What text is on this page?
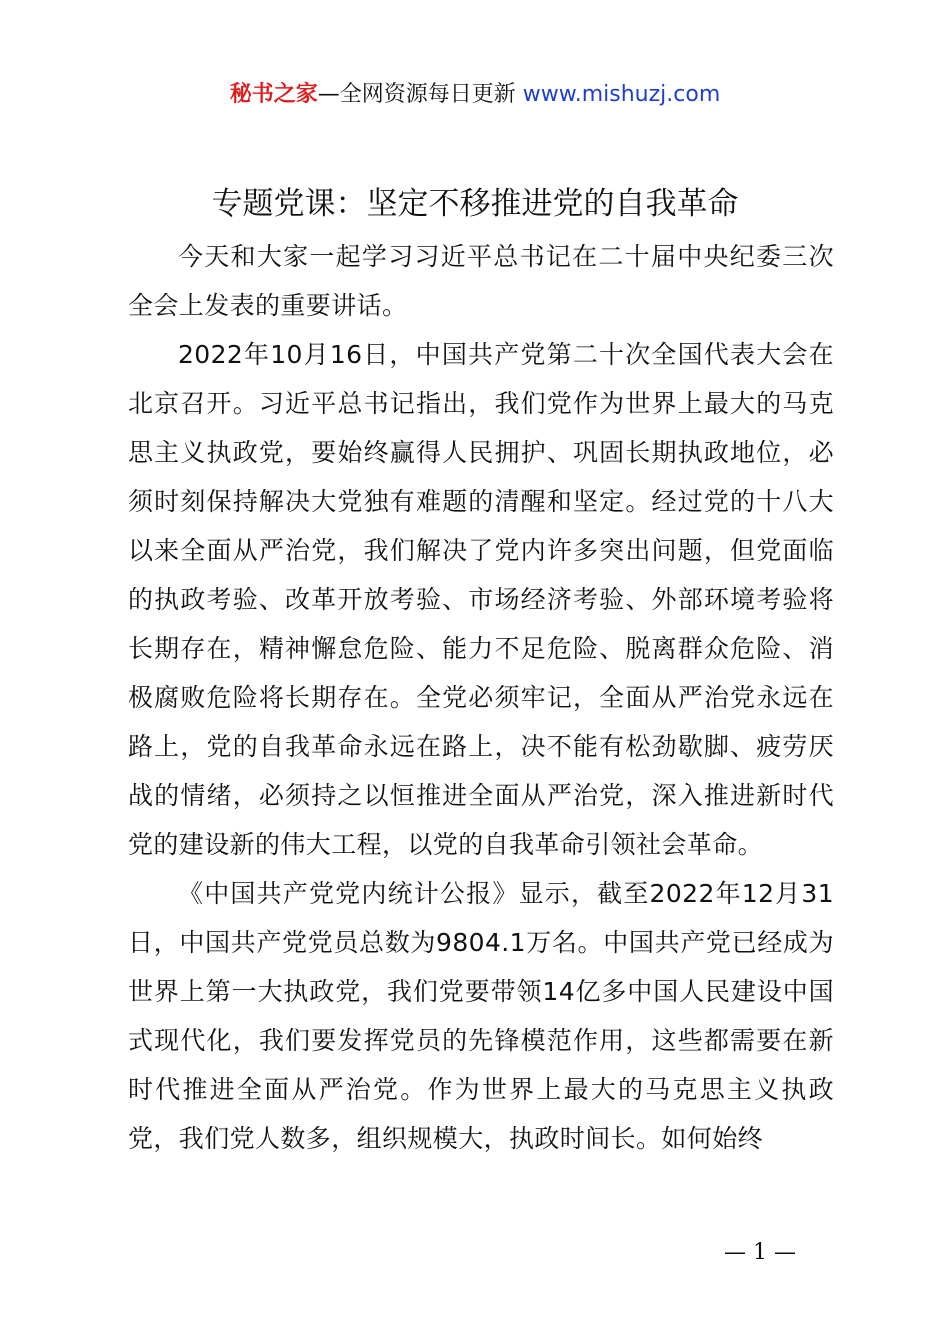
秘书之家—全网资源每日更新 www.mishuzj.com
专题党课：坚定不移推进党的自我革命

今天和大家一起学习习近平总书记在二十届中央纪委三次全会上发表的重要讲话。

2022年10月16日，中国共产党第二十次全国代表大会在北京召开。习近平总书记指出，我们党作为世界上最大的马克思主义执政党，要始终赢得人民拥护、巩固长期执政地位，必须时刻保持解决大党独有难题的清醒和坚定。经过党的十八大以来全面从严治党，我们解决了党内许多突出问题，但党面临的执政考验、改革开放考验、市场经济考验、外部环境考验将长期存在，精神懈怠危险、能力不足危险、脱离群众危险、消极腐败危险将长期存在。全党必须牢记，全面从严治党永远在路上，党的自我革命永远在路上，决不能有松劲歇脚、疲劳厌战的情绪，必须持之以恒推进全面从严治党，深入推进新时代党的建设新的伟大工程，以党的自我革命引领社会革命。

《中国共产党党内统计公报》显示，截至2022年12月31日，中国共产党党员总数为9804.1万名。中国共产党已经成为世界上第一大执政党，我们党要带领14亿多中国人民建设中国式现代化，我们要发挥党员的先锋模范作用，这些都需要在新时代推进全面从严治党。作为世界上最大的马克思主义执政党，我们党人数多，组织规模大，执政时间长。如何始终

— 1 —
